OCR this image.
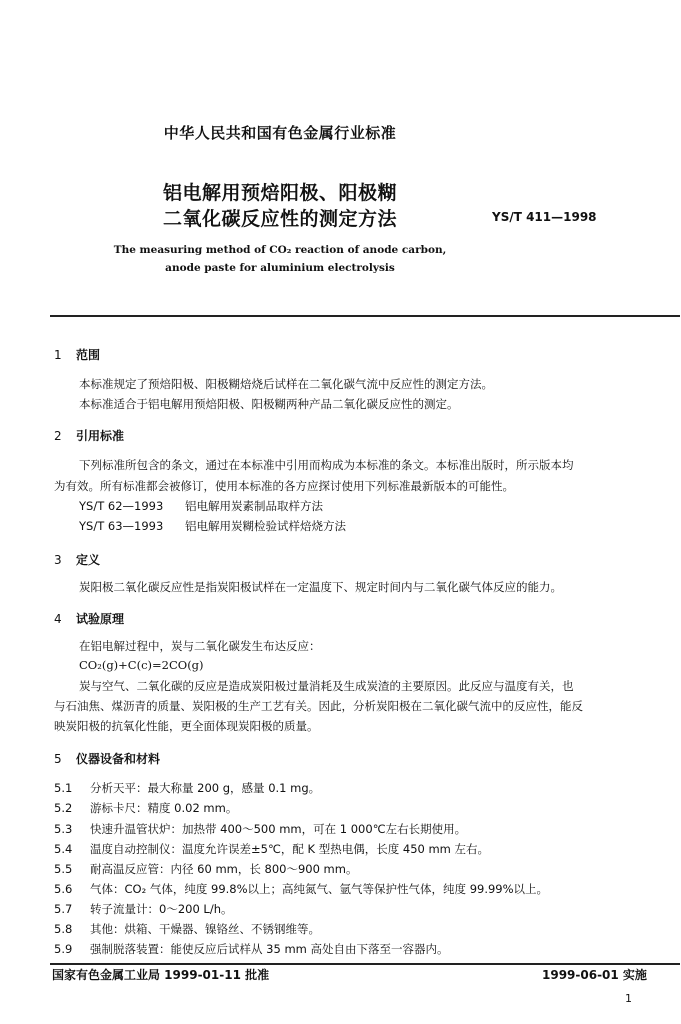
中华人民共和国有色金属行业标准
铝电解用预焙阳极、阳极糊
二氧化碳反应性的测定方法	YS/T 411—1998
The measuring method of CO₂ reaction of anode carbon,
anode paste for aluminium electrolysis
1 范围
本标准规定了预焙阳极、阳极糊焙烧后试样在二氧化碳气流中反应性的测定方法。
本标准适合于铝电解用预焙阳极、阳极糊两种产品二氧化碳反应性的测定。
2 引用标准
下列标准所包含的条文，通过在本标准中引用而构成为本标准的条文。本标准出版时，所示版本均
为有效。所有标准都会被修订，使用本标准的各方应探讨使用下列标准最新版本的可能性。
YS/T 62—1993 铝电解用炭素制品取样方法
YS/T 63—1993 铝电解用炭糊检验试样焙烧方法
3 定义
炭阳极二氧化碳反应性是指炭阳极试样在一定温度下、规定时间内与二氧化碳气体反应的能力。
4 试验原理
在铝电解过程中，炭与二氧化碳发生布达反应：
CO₂(g)+C(c)=2CO(g)
炭与空气、二氧化碳的反应是造成炭阳极过量消耗及生成炭渣的主要原因。此反应与温度有关，也
与石油焦、煤沥青的质量、炭阳极的生产工艺有关。因此，分析炭阳极在二氧化碳气流中的反应性，能反
映炭阳极的抗氧化性能，更全面体现炭阳极的质量。
5 仪器设备和材料
5.1 分析天平：最大称量 200 g，感量 0.1 mg。
5.2 游标卡尺：精度 0.02 mm。
5.3 快速升温管状炉：加热带 400～500 mm，可在 1 000℃左右长期使用。
5.4 温度自动控制仪：温度允许误差±5℃，配 K 型热电偶，长度 450 mm 左右。
5.5 耐高温反应管：内径 60 mm，长 800～900 mm。
5.6 气体：CO₂ 气体，纯度 99.8%以上；高纯氮气、氩气等保护性气体，纯度 99.99%以上。
5.7 转子流量计：0～200 L/h。
5.8 其他：烘箱、干燥器、镍铬丝、不锈钢维等。
5.9 强制脱落装置：能使反应后试样从 35 mm 高处自由下落至一容器内。
国家有色金属工业局 1999-01-11 批准	1999-06-01 实施
1
